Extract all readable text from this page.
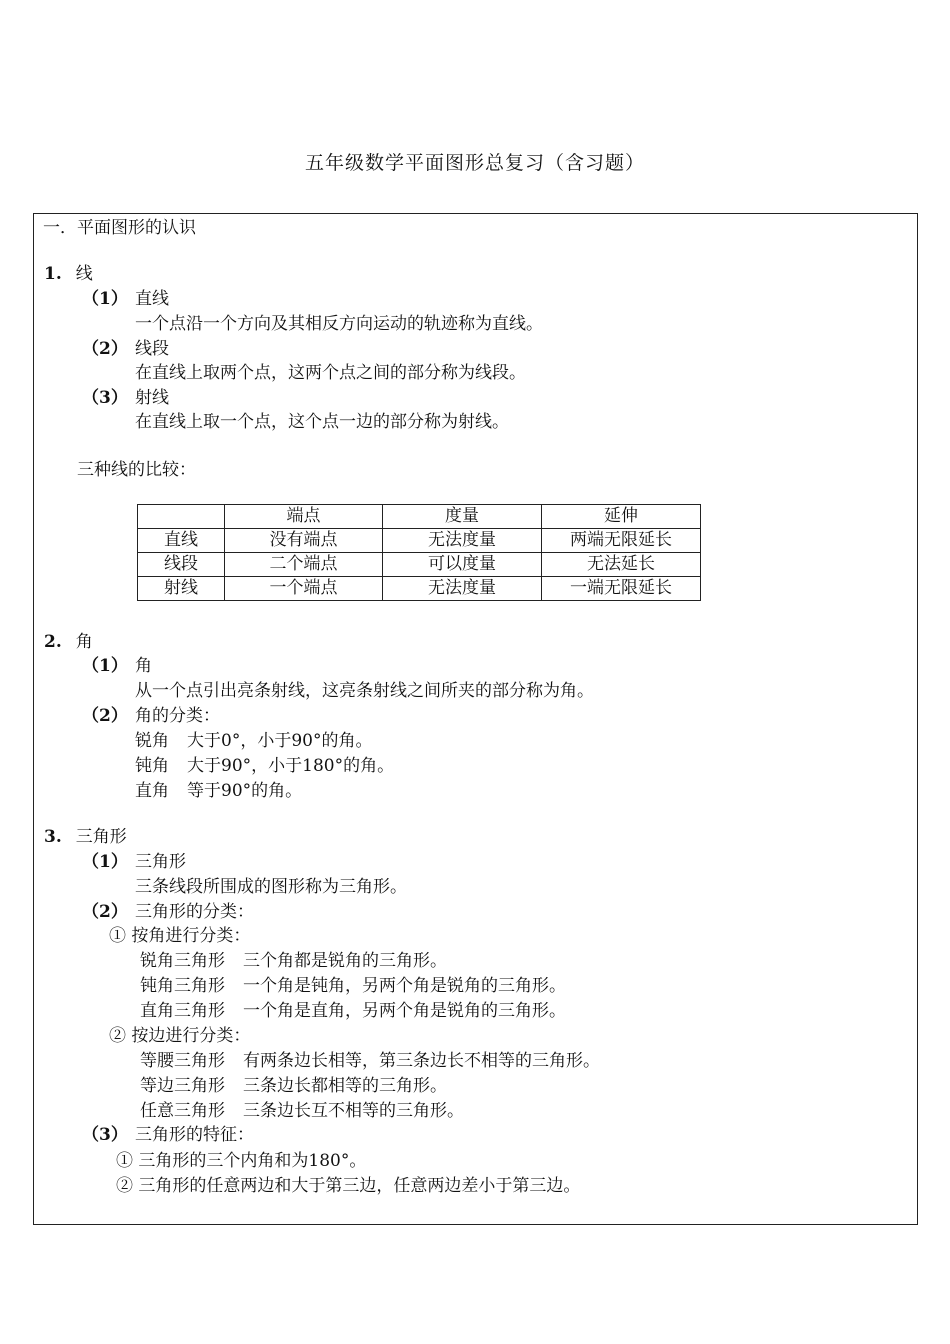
五年级数学平面图形总复习（含习题）
一．平面图形的认识
1. 线
（1） 直线
一个点沿一个方向及其相反方向运动的轨迹称为直线。
（2） 线段
在直线上取两个点，这两个点之间的部分称为线段。
（3） 射线
在直线上取一个点，这个点一边的部分称为射线。
三种线的比较：
	端点	度量	延伸
直线	没有端点	无法度量	两端无限延长
线段	二个端点	可以度量	无法延长
射线	一个端点	无法度量	一端无限延长
2. 角
（1） 角
从一个点引出亮条射线，这亮条射线之间所夹的部分称为角。
（2） 角的分类：
锐角 大于0°，小于90°的角。
钝角 大于90°，小于180°的角。
直角 等于90°的角。
3. 三角形
（1） 三角形
三条线段所围成的图形称为三角形。
（2） 三角形的分类：
① 按角进行分类：
锐角三角形 三个角都是锐角的三角形。
钝角三角形 一个角是钝角，另两个角是锐角的三角形。
直角三角形 一个角是直角，另两个角是锐角的三角形。
② 按边进行分类：
等腰三角形 有两条边长相等，第三条边长不相等的三角形。
等边三角形 三条边长都相等的三角形。
任意三角形 三条边长互不相等的三角形。
（3） 三角形的特征：
① 三角形的三个内角和为180°。
② 三角形的任意两边和大于第三边，任意两边差小于第三边。
